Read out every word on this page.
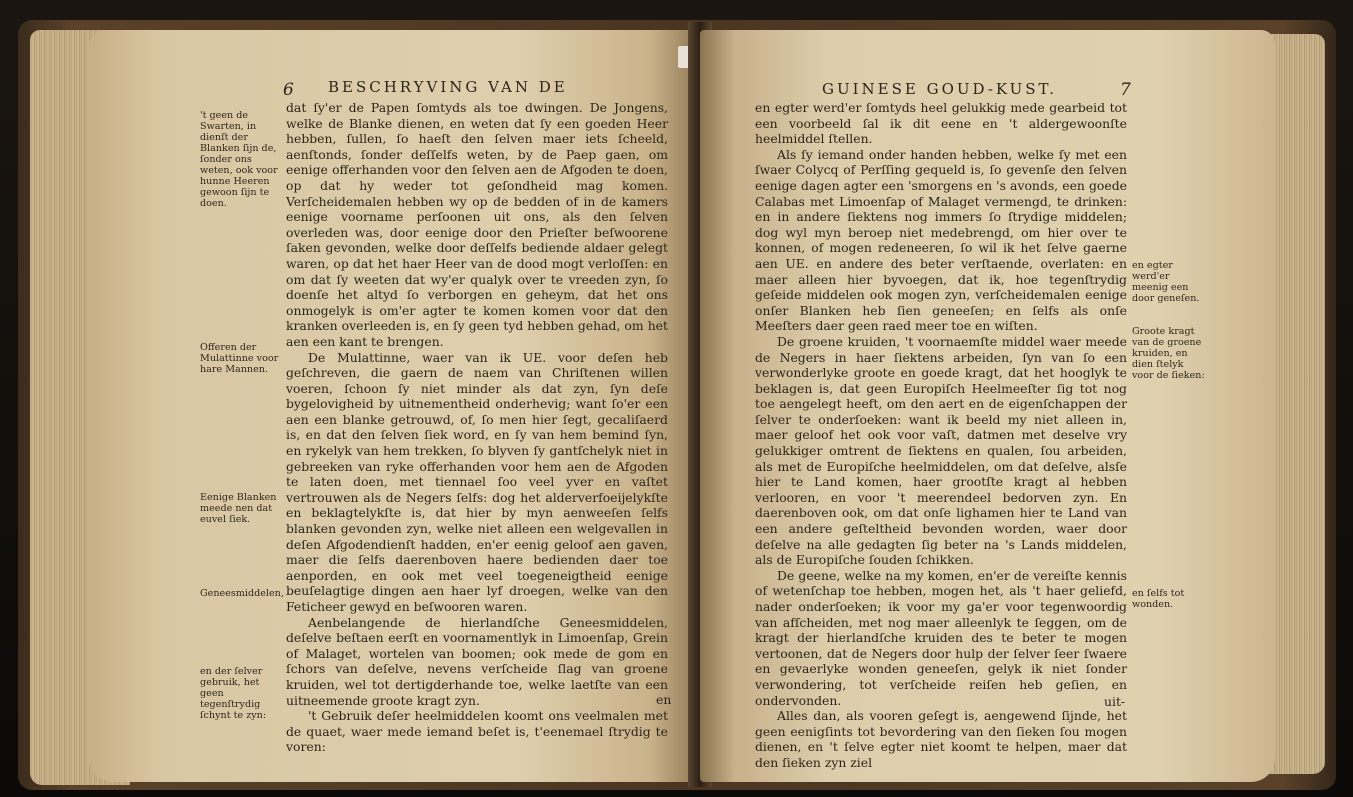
6 BESCHRYVING VAN DE
't geen de Swarten, in dienſt der Blanken ſijn de, ſonder ons weten, ook voor hunne Heeren gewoon ſijn te doen.
Offeren der Mulattinne voor hare Mannen.
Eenige Blanken meede nen dat euvel ſiek.
Geneesmiddelen,
en der ſelver gebruik, het geen tegenſtrydig ſchynt te zyn:

dat ſy'er de Papen ſomtyds als toe dwingen. De Jongens, welke de Blanke dienen, en weten dat ſy een goeden Heer hebben, ſullen, ſo haeſt den ſelven maer iets ſcheeld, aenſtonds, ſonder deſſelfs weten, by de Paep gaen, om eenige offerhanden voor den ſelven aen de Afgoden te doen, op dat hy weder tot geſondheid mag komen. Verſcheidemalen hebben wy op de bedden of in de kamers eenige voorname perſoonen uit ons, als den ſelven overleden was, door eenige door den Prieſter beſwoorene ſaken gevonden, welke door deſſelfs bediende aldaer gelegt waren, op dat het haer Heer van de dood mogt verloſſen: en om dat ſy weeten dat wy'er qualyk over te vreeden zyn, ſo doenſe het altyd ſo verborgen en geheym, dat het ons onmogelyk is om'er agter te komen komen voor dat den kranken overleeden is, en ſy geen tyd hebben gehad, om het aen een kant te brengen.

De Mulattinne, waer van ik UE. voor deſen heb geſchreven, die gaern de naem van Chriſtenen willen voeren, ſchoon ſy niet minder als dat zyn, ſyn deſe bygelovigheid by uitnementheid onderhevig; want ſo'er een aen een blanke getrouwd, of, ſo men hier ſegt, gecaliſaerd is, en dat den ſelven ſiek word, en ſy van hem bemind ſyn, en rykelyk van hem trekken, ſo blyven ſy gantſchelyk niet in gebreeken van ryke offerhanden voor hem aen de Afgoden te laten doen, met tiennael ſoo veel yver en vaſtet vertrouwen als de Negers ſelfs: dog het alderverfoeijelykſte en beklagtelykſte is, dat hier by myn aenweeſen ſelfs blanken gevonden zyn, welke niet alleen een welgevallen in deſen Afgodendienſt hadden, en'er eenig geloof aen gaven, maer die ſelfs daerenboven haere bedienden daer toe aenporden, en ook met veel toegeneigtheid eenige beuſelagtige dingen aen haer lyf droegen, welke van den Feticheer gewyd en beſwooren waren.

Aenbelangende de hierlandſche Geneesmiddelen, deſelve beſtaen eerſt en voornamentlyk in Limoenſap, Grein of Malaget, wortelen van boomen; ook mede de gom en ſchors van deſelve, nevens verſcheide ſlag van groene kruiden, wel tot dertigderhande toe, welke laetſte van een uitneemende groote kragt zyn.

't Gebruik deſer heelmiddelen koomt ons veelmalen met de quaet, waer mede iemand beſet is, t'eenemael ſtrydig te voren:

en
GUINESE GOUD-KUST.	7

en egter werd'er ſomtyds heel gelukkig mede gearbeid tot een voorbeeld ſal ik dit eene en 't aldergewoonſte heelmiddel ſtellen.

Als ſy iemand onder handen hebben, welke ſy met een ſwaer Colycq of Perſſing gequeld is, ſo gevenſe den ſelven eenige dagen agter een 'smorgens en 's avonds, een goede Calabas met Limoenſap of Malaget vermengd, te drinken: en in andere ſiektens nog immers ſo ſtrydige middelen; dog wyl myn beroep niet medebrengd, om hier over te konnen, of mogen redeneeren, ſo wil ik het ſelve gaerne aen UE. en andere des beter verſtaende, overlaten: en maer alleen hier byvoegen, dat ik, hoe tegenſtrydig geſeide middelen ook mogen zyn, verſcheidemalen eenige onſer Blanken heb ſien geneeſen; en ſelfs als onſe Meeſters daer geen raed meer toe en wiſten.

De groene kruiden, 't voornaemſte middel waer meede de Negers in haer ſiektens arbeiden, ſyn van ſo een verwonderlyke groote en goede kragt, dat het hooglyk te beklagen is, dat geen Europiſch Heelmeeſter ſig tot nog toe aengelegt heeft, om den aert en de eigenſchappen der ſelver te onderſoeken: want ik beeld my niet alleen in, maer geloof het ook voor vaſt, datmen met deselve vry gelukkiger omtrent de ſiektens en qualen, ſou arbeiden, als met de Europiſche heelmiddelen, om dat deſelve, alsſe hier te Land komen, haer grootſte kragt al hebben verlooren, en voor 't meerendeel bedorven zyn. En daerenboven ook, om dat onſe lighamen hier te Land van een andere geſteltheid bevonden worden, waer door deſelve na alle gedagten ſig beter na 's Lands middelen, als de Europiſche ſouden ſchikken.

De geene, welke na my komen, en'er de vereiſte kennis of wetenſchap toe hebben, mogen het, als 't haer geliefd, nader onderſoeken; ik voor my ga'er voor tegenwoordig van afſcheiden, met nog maer alleenlyk te ſeggen, om de kragt der hierlandſche kruiden des te beter te mogen vertoonen, dat de Negers door hulp der ſelver ſeer ſwaere en gevaerlyke wonden geneeſen, gelyk ik niet ſonder verwondering, tot verſcheide reiſen heb geſien, en ondervonden.

Alles dan, als vooren geſegt is, aengewend ſijnde, het geen eenigſints tot bevordering van den ſieken ſou mogen dienen, en 't ſelve egter niet koomt te helpen, maer dat den ſieken zyn ziel

en egter werd'er meenig een door geneſen.
Groote kragt van de groene kruiden, en dien ſtelyk voor de ſieken:
en ſelfs tot wonden.
uit-
